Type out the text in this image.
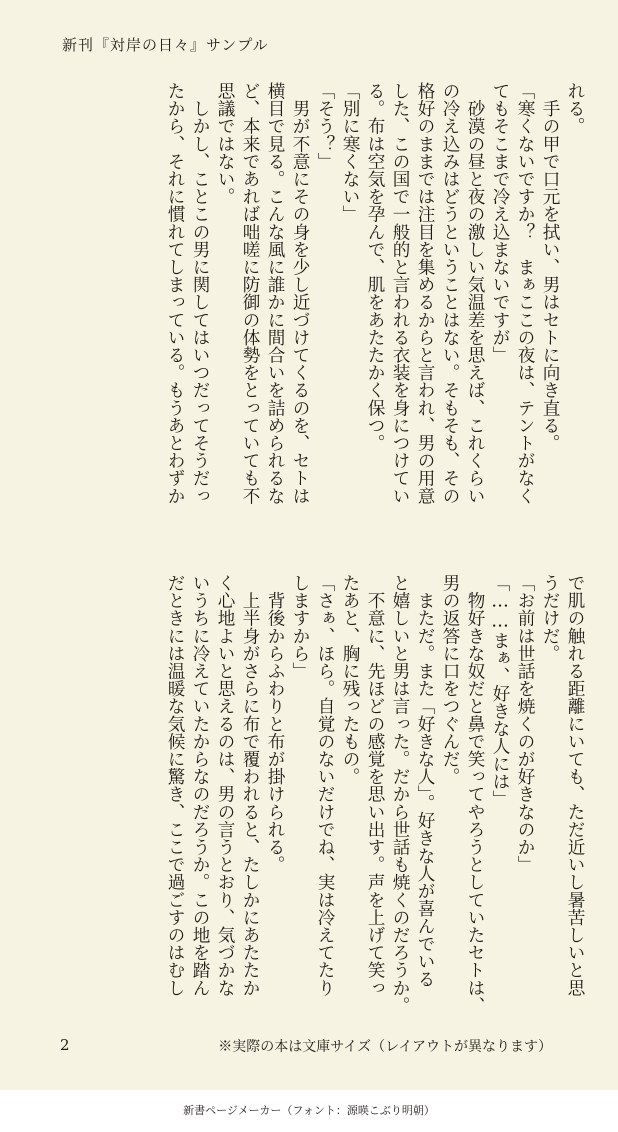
新刊『対岸の日々』サンプル
れる。
　手の甲で口元を拭い、男はセトに向き直る。
「寒くないですか？　まぁここの夜は、テントがなく
てもそこまで冷え込まないですが」
　砂漠の昼と夜の激しい気温差を思えば、これくらい
の冷え込みはどうということはない。そもそも、その
格好のままでは注目を集めるからと言われ、男の用意
した、この国で一般的と言われる衣装を身につけてい
る。布は空気を孕んで、肌をあたたかく保つ。
「別に寒くない」
「そう？」
　男が不意にその身を少し近づけてくるのを、セトは
横目で見る。こんな風に誰かに間合いを詰められるな
ど、本来であれば咄嗟に防御の体勢をとっていても不
思議ではない。
　しかし、ことこの男に関してはいつだってそうだっ
たから、それに慣れてしまっている。もうあとわずか
で肌の触れる距離にいても、ただ近いし暑苦しいと思
うだけだ。
「お前は世話を焼くのが好きなのか」
「……まぁ、好きな人には」
　物好きな奴だと鼻で笑ってやろうとしていたセトは、
男の返答に口をつぐんだ。
　まただ。また「好きな人」。好きな人が喜んでいる
と嬉しいと男は言った。だから世話も焼くのだろうか。
　不意に、先ほどの感覚を思い出す。声を上げて笑っ
たあと、胸に残ったもの。
「さぁ、ほら。自覚のないだけでね、実は冷えてたり
しますから」
　背後からふわりと布が掛けられる。
　上半身がさらに布で覆われると、たしかにあたたか
く心地よいと思えるのは、男の言うとおり、気づかな
いうちに冷えていたからなのだろうか。この地を踏ん
だときには温暖な気候に驚き、ここで過ごすのはむし
2	※実際の本は文庫サイズ（レイアウトが異なります）
新書ページメーカー（フォント：源暎こぶり明朝）
